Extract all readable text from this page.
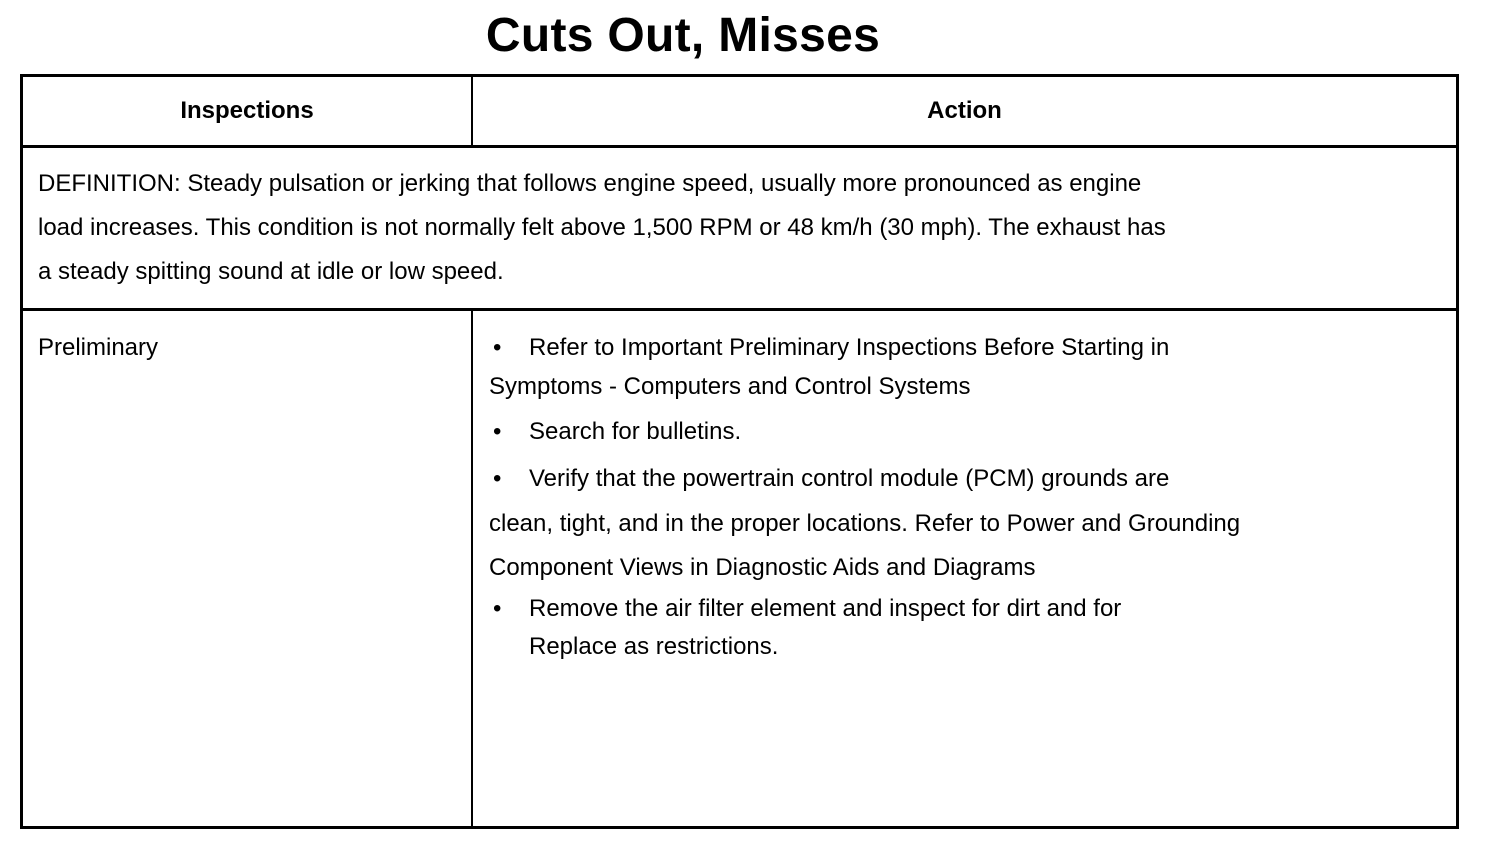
Cuts Out, Misses
Inspections	Action
DEFINITION: Steady pulsation or jerking that follows engine speed, usually more pronounced as engine
load increases. This condition is not normally felt above 1,500 RPM or 48 km/h (30 mph). The exhaust has
a steady spitting sound at idle or low speed.
Preliminary	• Refer to Important Preliminary Inspections Before Starting in
Symptoms - Computers and Control Systems
• Search for bulletins.
• Verify that the powertrain control module (PCM) grounds are
clean, tight, and in the proper locations. Refer to Power and Grounding
Component Views in Diagnostic Aids and Diagrams
• Remove the air filter element and inspect for dirt and for
Replace as restrictions.
